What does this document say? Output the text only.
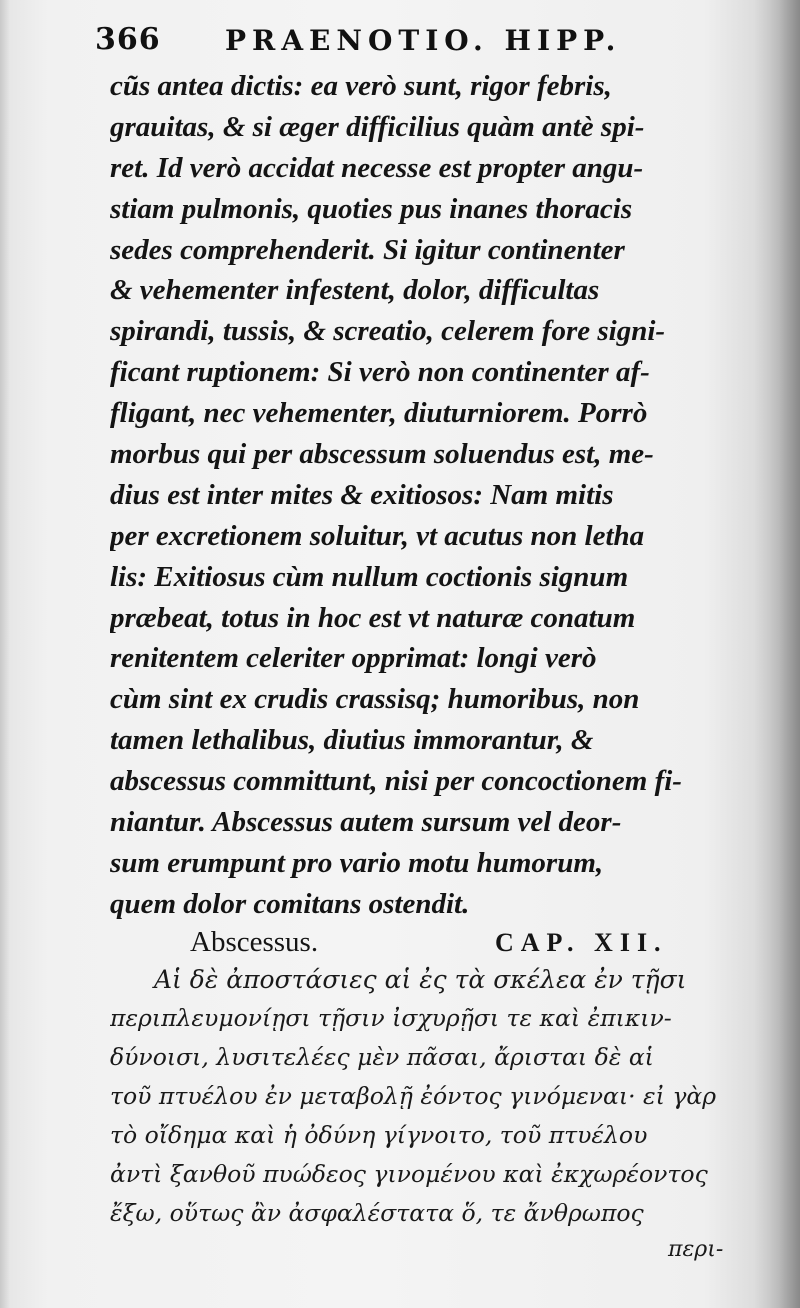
366 PRAENOTIO. HIPP.
cũs antea dictis: ea verò sunt, rigor febris,
grauitas, & si æger difficilius quàm antè spi-
ret. Id verò accidat necesse est propter angu-
stiam pulmonis, quoties pus inanes thoracis
sedes comprehenderit. Si igitur continenter
& vehementer infestent, dolor, difficultas
spirandi, tussis, & screatio, celerem fore signi-
ficant ruptionem: Si verò non continenter af-
fligant, nec vehementer, diuturniorem. Porrò
morbus qui per abscessum soluendus est, me-
dius est inter mites & exitiosos: Nam mitis
per excretionem soluitur, vt acutus non letha
lis: Exitiosus cùm nullum coctionis signum
præbeat, totus in hoc est vt naturæ conatum
renitentem celeriter opprimat: longi verò
cùm sint ex crudis crassisq; humoribus, non
tamen lethalibus, diutius immorantur, &
abscessus committunt, nisi per concoctionem fi-
niantur. Abscessus autem sursum vel deor-
sum erumpunt pro vario motu humorum,
quem dolor comitans ostendit.
Abscessus.	CAP. XII.
Αἱ δὲ ἀποστάσιες αἱ ἐς τὰ σκέλεα ἐν τῇσι
περιπλευμονίῃσι τῇσιν ἰσχυρῇσι τε καὶ ἐπικιν-
δύνοισι, λυσιτελέες μὲν πᾶσαι, ἄρισται δὲ αἱ
τοῦ πτυέλου ἐν μεταβολῇ ἐόντος γινόμεναι· εἰ γὰρ
τὸ οἴδημα καὶ ἡ ὀδύνη γίγνοιτο, τοῦ πτυέλου
ἀντὶ ξανθοῦ πυώδεος γινομένου καὶ ἐκχωρέοντος
ἔξω, οὕτως ἂν ἀσφαλέστατα ὅ, τε ἄνθρωπος
περι-
